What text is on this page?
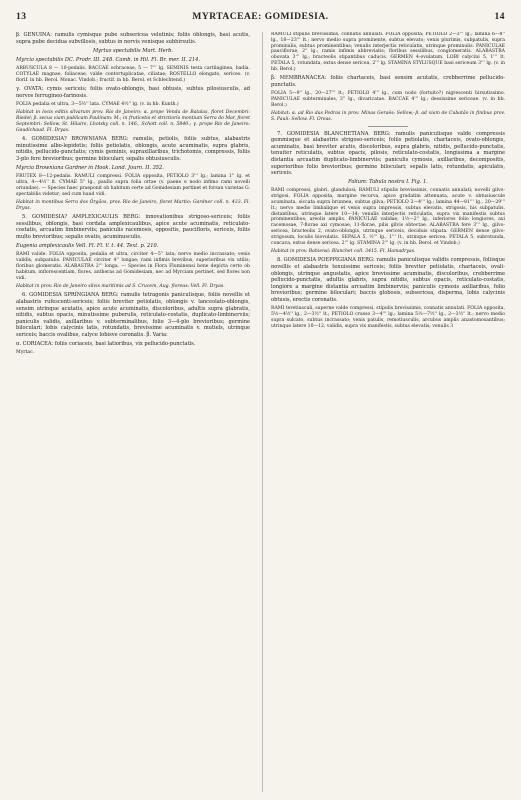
13	MYRTACEAE: GOMIDESIA.	14

β. GENUINA: ramulis cymisque pube subsericea velutinis; foliis oblongis, basi acutis, supra pube decidua subvillosis, subtus in nervis venisque subhirsutis.

Myrtus spectabilis Mart. Herb.

Myrcia spectabilis DC. Prodr. III. 248. Camb. in Hil. Fl. Br. mer. II. 214.

ARBUSCULA 8 — 10-pedalis. BACCAE ochraceae, 5 — 7''' lg. SEMINIS testa cartilaginea, badia. COTYLAE magnae, foliaceae, valde contortuplicatae, ciliatae; ROSTELLO elongato, sericeo. (v. florif. in hb. Berol. Monac. Vindob.; fructif. in hb. Berol. et Schlechtend.)

γ. OVATA: cymis sericeis; foliis ovato-oblongis, basi obtusis, subtus pilosiusculis, ad nervos ferrugineo-farinosis.

FOLIA pedalia et ultra, 3—5½'' lata. CYMAE 4½'' lg. (v. in hb. Kunth.)

Habitat in locis editis silvarum prov. Rio de Janeiro: α. prope Venda de Batalas, floret Decembri: Riedel; β. secus viam publicam Paulinam: M.; in fruticetis et strictioris montium Serra do Mar, floret Septembri: Sellow, St. Hilaire, Lhotsky coll. n. 146., Schott coll. n. 5840.; γ. prope Rio de Janeiro: Gaudichaud. Fl. Dryas.

4. GOMIDESIA? BROWNIANA BERG: ramulis, petiolis, foliis subtus, alabastris minutissime albo-lepidotis; foliis petiolatis, oblongis, acute acuminatis, supra glabris, nitidis, pellucido-punctatis; cymis geminis, supraxillaribus, trichotomis, compressis, foliis 3-plo fere brevioribus; germine biloculari; sepalis obtusiusculis.

Myrcia Browniana Gardner in Hook. Lond. Journ. II. 352.

FRUTEX 8—12-pedalis. RAMULI compressi. FOLIA opposita, PETIOLO 3''' lg.; lamina 1'' lg. et ultra, 4—4½'' lt. CYMAE 5'' lg., paullo supra folia ortae (v. paene e nodo infimo rami novelli oriundae). — Species haec praeponit ob habitum certe ad Gomidesiam pertinet et forsan varietas G. spectabilis videtur; sed cum haud vidi.

Habitat in montibus Serra dos Órgãos, prov. Rio de Janeiro, floret Martio: Gardner coll. n. 433. Fl. Dryas.

5. GOMIDESIA? AMPLEXICAULIS BERG: innovationibus strigoso-sericeis; foliis sessilibus, oblongis, basi cordata amplexicaulibus, apice acute acuminatis, reticulato-costatis, arcuatim limbinerviis; paniculis racemosis, oppositis, pauciflorís, sericeis, foliis multo brevioribus; sepalis ovatis, acuminusculis.

Eugenia amplexicaulis Vell. Fl. Fl. V. t. 44. Text. p. 210.

RAMI valide. FOLIA opposita, pedalia et ultra, circiter 4—5'' lata; nervo medio incrassato; venis validis, subpatulis. PANICULAE circiter 4'' longae; rami infimis brevibus, superioribus vix utilis; floribus glomeratis. ALABASTRA 2''' longa. — Species in Flora Fluminensi bene depicta certo ob habitum, inflorescentiam, flores, antheras ad Gomidesiam, nec ad Myrciam pertinet, sed flores non vidi.

Habitat in prov. Rio de Janeiro silvis maritimis ad S. Crucem, Aug. floreus: Vell. Fl. Dryas.

6. GOMIDESIA SPRINGIANA BERG: ramulis tetragonis paniculisque, foliis novellis et alabastris rufescenti-sericeis; foliis breviter petiolatis, oblongis v. lanceolato-oblongis, sensim utrinque acutatis, apice acute acuminatis, discoloribus, adultis supra glabratis, nitidis, subtus opacis, minutissime puberulis, reticulato-costatis, duplicato-limbinerviis; paniculis validis, axillaribus v. subterminalibus, folio 3—4-plo brevioribus; germine biloculari; lobis calycinis latis, rotundatis, brevissime acuminatis v. mutiels, utrinque sericeis; baccis ovalibus, calyce lobisve coronatis. β. Varia:

α. CORIACEA: foliis coriaceis, basi latioribus, vix pellucido-punctatis.

Myrtac.

RAMULI stipulis brevissimis, connatis annulati. FOLIA opposita; PETIOLO 2—3''' lg.; lamina 6—8'' lg., 18—23''' lt.; nervo medio supra prominente, subtus elevato; venis plurimis, subpatulis, supra prominulis, subtus prominentibus; venulis interjectis reticulatis, utrinque prominulis. PANICULAE pauciflorae, 2'' lg.; ramis infimis abbreviatis; floribus sessilibus, conglomeratis. ALABASTRA obovata 3''' lg.; bracteolis stipantibus caducis. GERMEN 4-ovulatum. LOBI calycini 5, 1''' lt. PETALA 5, rotundata, extus dense sericea, 2''' lg. STAMINA STYLUSQUE basi sericeum 3''' lg. (v. in hb. Berol.)

β. MEMBRANACEA: foliis chartaceis, basi sensim acutatis, crebberrime pellucido-punctatis.

FOLIA 5—9'' lg., 20—27''' lt.; PETIOLO 4''' lg., cum nodo (fortuito?) nigrescenti hirsutissimo. PANICULAE subterminales, 3'' lg., divaricatae. BACCAE 4''' lg.; dessissime sericeae. (v. in hb. Berol.)

Habitat: α. ad Rio das Pedras in prov. Minas Geraës: Sellow; β. ad viam de Cubatão in finibus prov. S. Pauli: Sellow. Fl. Oreas.

7. GOMIDESIA BLANCHETIANA BERG: ramulis paniculisque valde compressis gemmisque et alabastris strigoso-sericeis; foliis petiolatis, chartaceis, ovato-oblongis, acuminatis, basi breviter acutis, discoloribus, supra glabris, nitidis, pellucido-punctatis, tenuiter reticulatis, subtus opacis, pilosis, reticulato-costatis, longissima a margine distantia arcuatim duplicato-limbinerviis; paniculis cymosis, axillaribus, decompositis, superioribus folio brevioribus; germine biloculari; sepalis latis, rotundatis, apiculatis, sericeis.

Folium: Tabula nostra I. Fig. 1.

RAMI compressi, glabri, glandulosi; RAMULI stipulis brevissimis, connatis annulati; novelli gilvo-strigosi. FOLIA opposita, margine recurva, apice gradatim attenuata, acute v. obtusiuscule acuminata, siccata supra brunnea, subtus gilva; PETIOLO 2—4''' lg.; lamina 44—81''' lg., 20—29''' lt.; nervo medio limbalique et venis supra impressis, subtus elevatis, strigosis, his subpatulis, distantibus, utrinque latere 10—14; venulis interjectis reticulatis, supra vix manifestis subtus prominentibus; areolis amplis. PANICULAE validae, 1½—2'' lg., inferiores folio longiores, axi racemosae, 7-florae axi cymosae, 11-florae, pilis gilvis obtectae. ALABASTRA fere 3''' lg., gilvo-sericea, bracteolis 2, ovato-oblongis, utrinque sericeis, deciduis stipata. GERMEN dense gilvo-strigosum, loculis biovulatis. SEPALA 5, ½''' lg., 1''' lt., utrinque sericea. PETALA 5, subrotunda, concava, extus dense sericea, 2''' lg. STAMINA 3''' lg. (v. in hb. Berol. et Vindob.)

Habitat in prov. Bahiensi: Blanchet coll. 3415. Fl. Hamadryas.

8. GOMIDESIA POEPPIGIANA BERG: ramulis paniculisque validis compressis, foliisque novellis et alabastris tenuissime sericeis; foliis breviter petiolatis, chartaceis, ovali-oblongis, utrinque angustatis, apice brevissime acuminatis, discoloribus, crebberrime pellucido-punctatis, adultis glabris, supra nitidis, subtus opacis, reticulato-costatis, longiore a margine distantia arcuatim limbinerviis; paniculis cymosis axillaribus, folio brevioribus; germine biloculari; baccis globosis, subsericea, disperma, lobis calycinis obtusis, erectis coronatis.

RAMI teretiusculi, superne valde compressi, stipulis brevissimis, connatis annulati. FOLIA opposita, 5½—4½'' lg., 2—3½'' lt.; PETIOLO crasso 3—4''' lg.; lamina 5½—7½'' lg., 2—3½'' lt.; nervo medio supra sulcato, subtus incrassato; venis patulis, remotiusculis, arcubus amplis anastomosantibus; utrinque latere 10—12, validis, supra vix manifestis, subtus elevatis; venulis 3
